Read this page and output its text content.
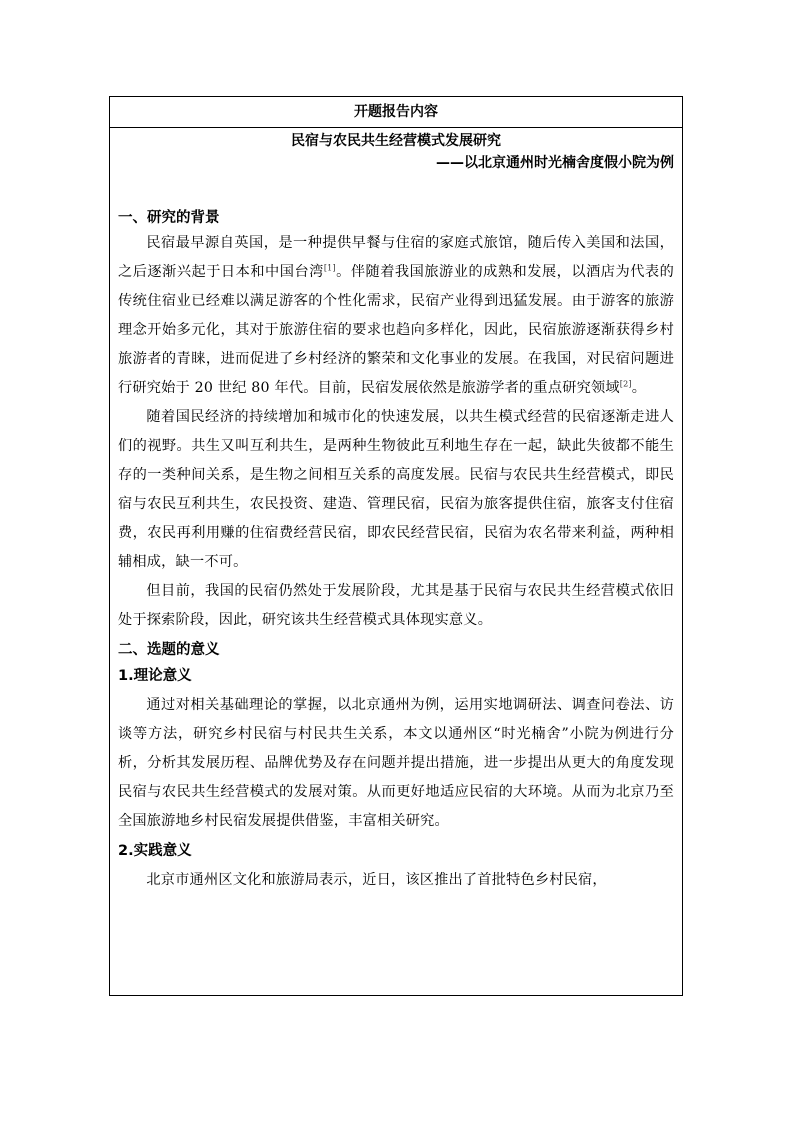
开题报告内容
民宿与农民共生经营模式发展研究
——以北京通州时光楠舍度假小院为例
一、研究的背景

民宿最早源自英国，是一种提供早餐与住宿的家庭式旅馆，随后传入美国和法国，之后逐渐兴起于日本和中国台湾[1]。伴随着我国旅游业的成熟和发展，以酒店为代表的传统住宿业已经难以满足游客的个性化需求，民宿产业得到迅猛发展。由于游客的旅游理念开始多元化，其对于旅游住宿的要求也趋向多样化，因此，民宿旅游逐渐获得乡村旅游者的青睐，进而促进了乡村经济的繁荣和文化事业的发展。在我国，对民宿问题进行研究始于 20 世纪 80 年代。目前，民宿发展依然是旅游学者的重点研究领域[2]。

随着国民经济的持续增加和城市化的快速发展，以共生模式经营的民宿逐渐走进人们的视野。共生又叫互利共生，是两种生物彼此互利地生存在一起，缺此失彼都不能生存的一类种间关系，是生物之间相互关系的高度发展。民宿与农民共生经营模式，即民宿与农民互利共生，农民投资、建造、管理民宿，民宿为旅客提供住宿，旅客支付住宿费，农民再利用赚的住宿费经营民宿，即农民经营民宿，民宿为农名带来利益，两种相辅相成，缺一不可。

但目前，我国的民宿仍然处于发展阶段，尤其是基于民宿与农民共生经营模式依旧处于探索阶段，因此，研究该共生经营模式具体现实意义。

二、选题的意义
1.理论意义

通过对相关基础理论的掌握，以北京通州为例，运用实地调研法、调查问卷法、访谈等方法，研究乡村民宿与村民共生关系，本文以通州区“时光楠舍”小院为例进行分析，分析其发展历程、品牌优势及存在问题并提出措施，进一步提出从更大的角度发现民宿与农民共生经营模式的发展对策。从而更好地适应民宿的大环境。从而为北京乃至全国旅游地乡村民宿发展提供借鉴，丰富相关研究。

2.实践意义

北京市通州区文化和旅游局表示，近日，该区推出了首批特色乡村民宿，
